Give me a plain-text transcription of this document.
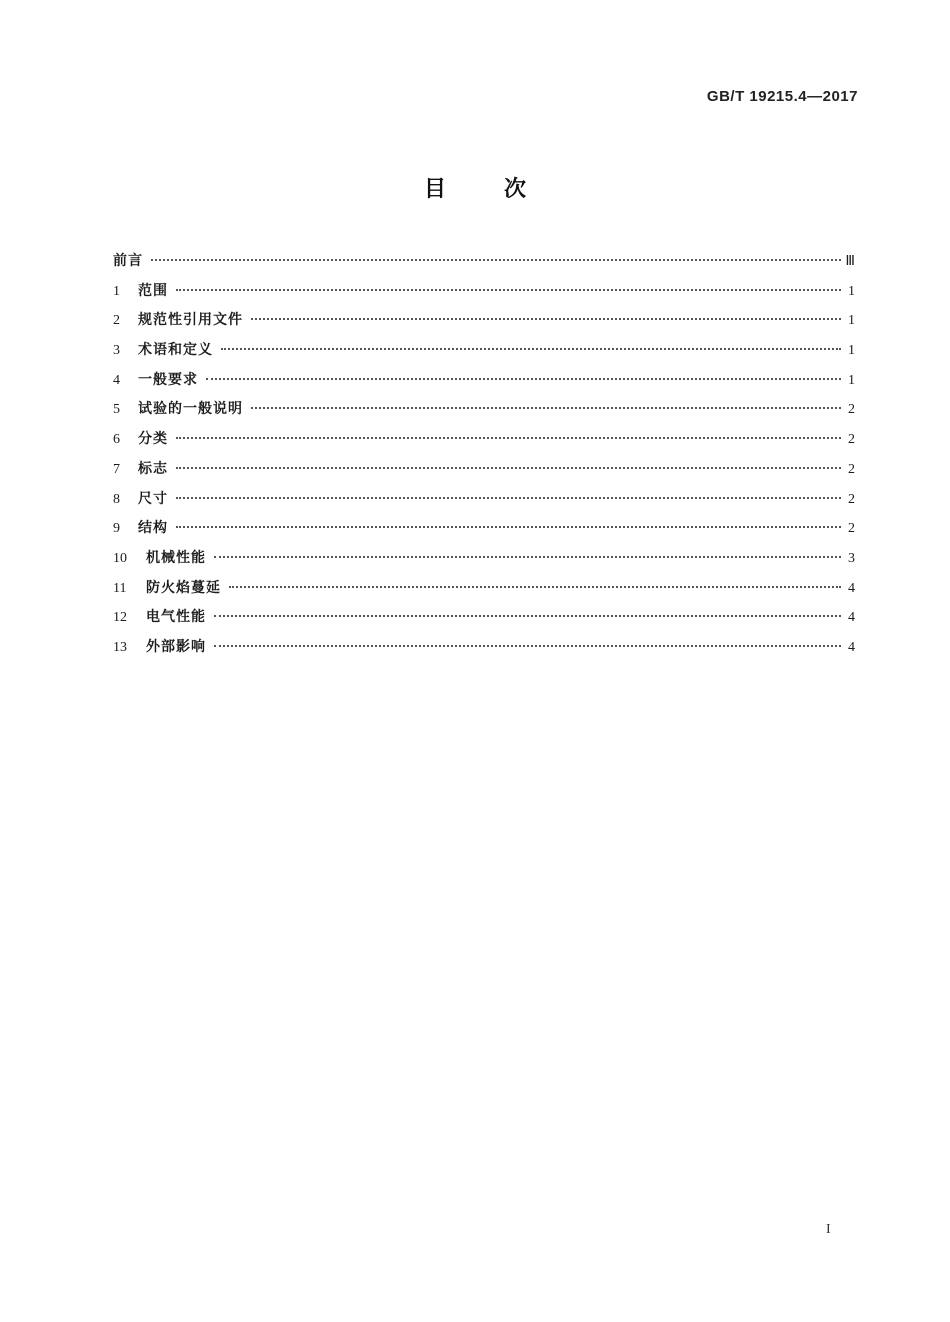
GB/T 19215.4—2017
目次
前言	Ⅲ
1	范围	1
2	规范性引用文件	1
3	术语和定义	1
4	一般要求	1
5	试验的一般说明	2
6	分类	2
7	标志	2
8	尺寸	2
9	结构	2
10	机械性能	3
11	防火焰蔓延	4
12	电气性能	4
13	外部影响	4
I
